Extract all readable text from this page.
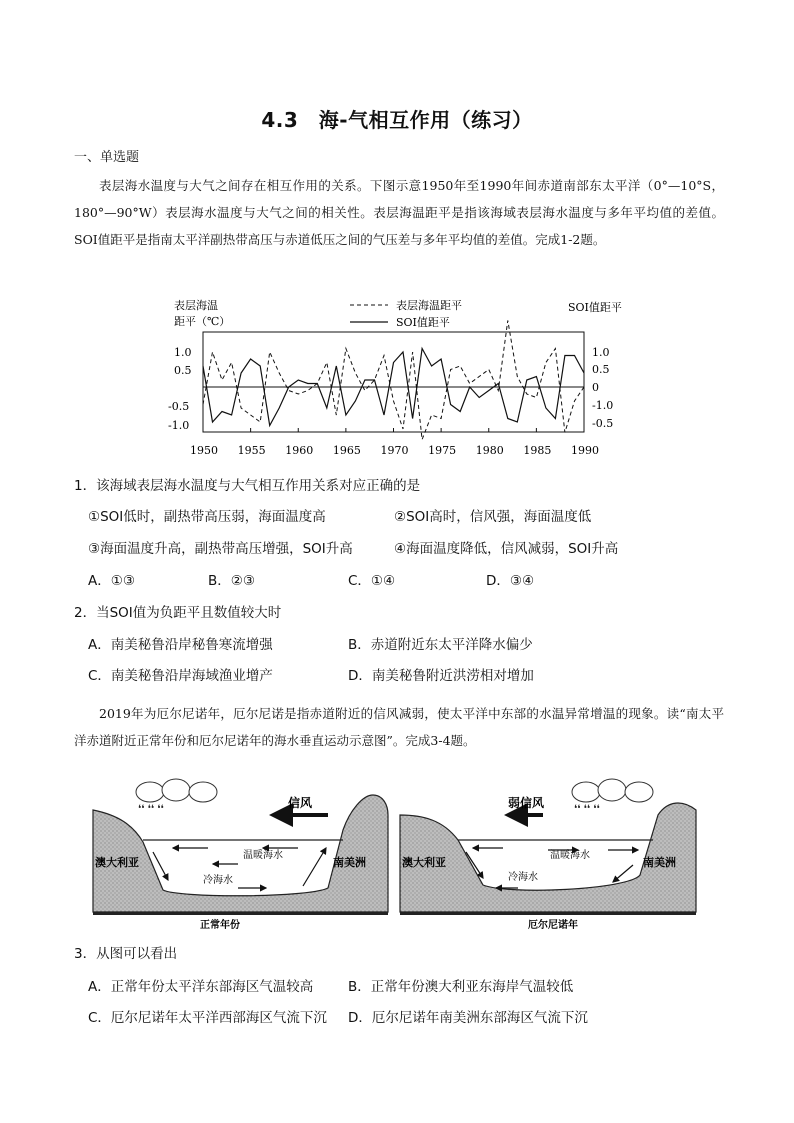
4.3　海-气相互作用（练习）
一、单选题
表层海水温度与大气之间存在相互作用的关系。下图示意1950年至1990年间赤道南部东太平洋（0°—10°S，180°—90°W）表层海水温度与大气之间的相关性。表层海温距平是指该海域表层海水温度与多年平均值的差值。SOI值距平是指南太平洋副热带高压与赤道低压之间的气压差与多年平均值的差值。完成1-2题。
表层海温
距平（℃）
SOI值距平
表层海温距平
SOI值距平
1.0
0.5
-0.5
-1.0
1.0
0.5
0
-1.0
-0.5
1950 1955 1960 1965 1970 1975 1980 1985 1990
1．该海域表层海水温度与大气相互作用关系对应正确的是
①SOI低时，副热带高压弱，海面温度高	②SOI高时，信风强，海面温度低
③海面温度升高，副热带高压增强，SOI升高	④海面温度降低，信风减弱，SOI升高
A．①③	B．②③	C．①④	D．③④
2．当SOI值为负距平且数值较大时
A．南美秘鲁沿岸秘鲁寒流增强	B．赤道附近东太平洋降水偏少
C．南美秘鲁沿岸海域渔业增产	D．南美秘鲁附近洪涝相对增加
2019年为厄尔尼诺年，厄尔尼诺是指赤道附近的信风减弱，使太平洋中东部的水温异常增温的现象。读“南太平洋赤道附近正常年份和厄尔尼诺年的海水垂直运动示意图”。完成3-4题。
❛❛ ❛❛ ❛❛	信风
澳大利亚	南美洲
温暖海水
冷海水
正常年份
❛❛ ❛❛ ❛❛
弱信风
澳大利亚	南美洲
温暖海水
冷海水
厄尔尼诺年
3．从图可以看出
A．正常年份太平洋东部海区气温较高	B．正常年份澳大利亚东海岸气温较低
C．厄尔尼诺年太平洋西部海区气流下沉 D．厄尔尼诺年南美洲东部海区气流下沉
